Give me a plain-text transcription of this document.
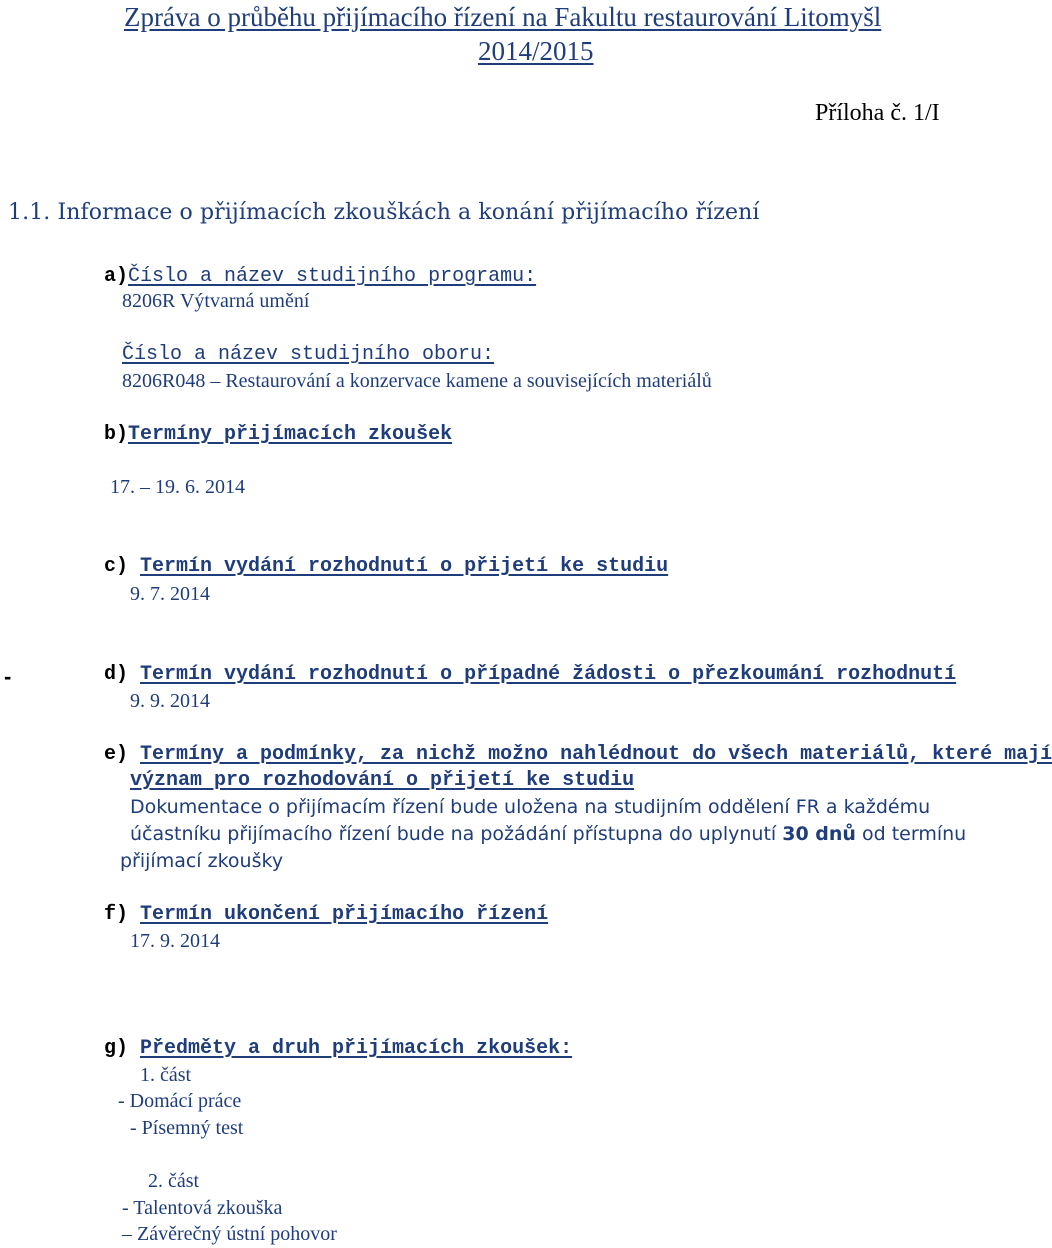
Zpráva o průběhu přijímacího řízení na Fakultu restaurování Litomyšl
2014/2015
Příloha č. 1/I
1.1. Informace o přijímacích zkouškách a konání přijímacího řízení
a)Číslo a název studijního programu:
8206R Výtvarná umění
Číslo a název studijního oboru:
8206R048 – Restaurování a konzervace kamene a souvisejících materiálů
b)Termíny přijímacích zkoušek
17. – 19. 6. 2014
c) Termín vydání rozhodnutí o přijetí ke studiu
9. 7. 2014
-	d) Termín vydání rozhodnutí o případné žádosti o přezkoumání rozhodnutí
9. 9. 2014
e) Termíny a podmínky, za nichž možno nahlédnout do všech materiálů, které mají
význam pro rozhodování o přijetí ke studiu
Dokumentace o přijímacím řízení bude uložena na studijním oddělení FR a každému
účastníku přijímacího řízení bude na požádání přístupna do uplynutí 30 dnů od termínu
přijímací zkoušky
f) Termín ukončení přijímacího řízení
17. 9. 2014
g) Předměty a druh přijímacích zkoušek:
1. část
- Domácí práce
- Písemný test
2. část
- Talentová zkouška
– Závěrečný ústní pohovor
